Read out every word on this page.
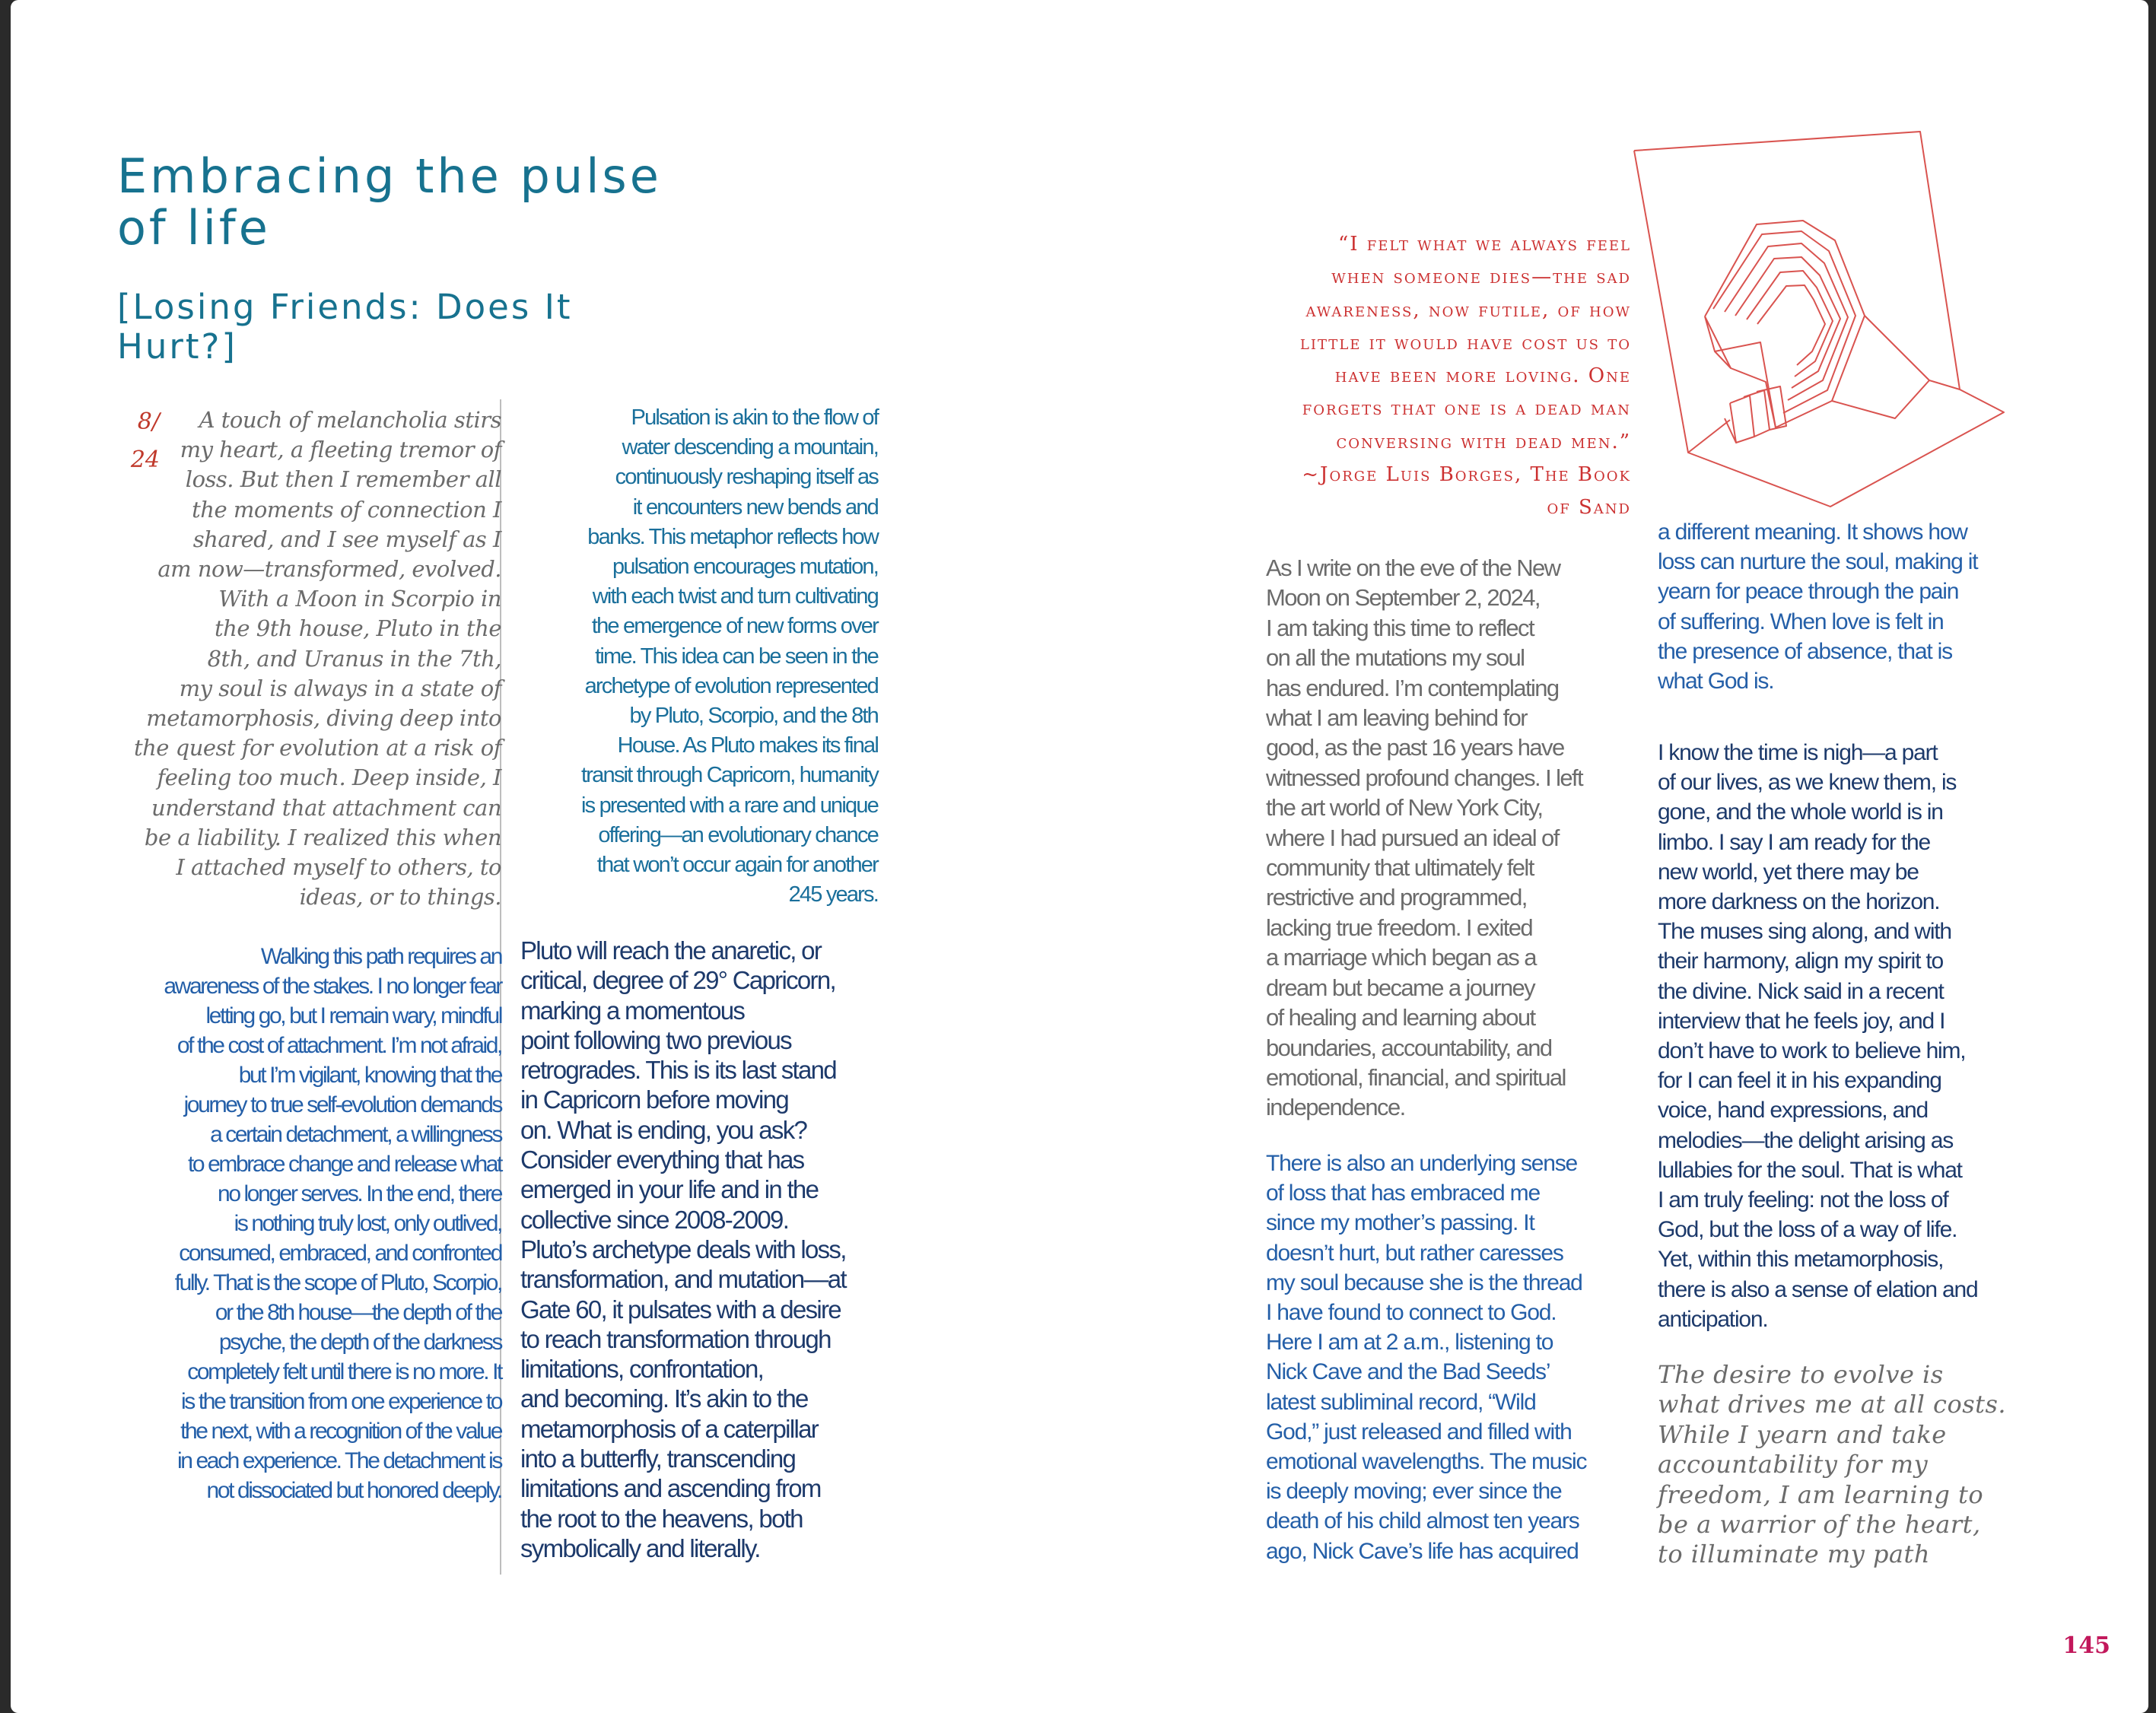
Embracing the pulse
of life
[Losing Friends: Does It
Hurt?]
8/
24
A touch of melancholia stirs
my heart, a fleeting tremor of
loss. But then I remember all
the moments of connection I
shared, and I see myself as I
am now—transformed, evolved.
With a Moon in Scorpio in
the 9th house, Pluto in the
8th, and Uranus in the 7th,
my soul is always in a state of
metamorphosis, diving deep into
the quest for evolution at a risk of
feeling too much. Deep inside, I
understand that attachment can
be a liability. I realized this when
I attached myself to others, to
ideas, or to things.
Pulsation is akin to the flow of
water descending a mountain,
continuously reshaping itself as
it encounters new bends and
banks. This metaphor reflects how
pulsation encourages mutation,
with each twist and turn cultivating
the emergence of new forms over
time. This idea can be seen in the
archetype of evolution represented
by Pluto, Scorpio, and the 8th
House. As Pluto makes its final
transit through Capricorn, humanity
is presented with a rare and unique
offering—an evolutionary chance
that won’t occur again for another
245 years.
Walking this path requires an
awareness of the stakes. I no longer fear
letting go, but I remain wary, mindful
of the cost of attachment. I’m not afraid,
but I’m vigilant, knowing that the
journey to true self-evolution demands
a certain detachment, a willingness
to embrace change and release what
no longer serves. In the end, there
is nothing truly lost, only outlived,
consumed, embraced, and confronted
fully. That is the scope of Pluto, Scorpio,
or the 8th house—the depth of the
psyche, the depth of the darkness
completely felt until there is no more. It
is the transition from one experience to
the next, with a recognition of the value
in each experience. The detachment is
not dissociated but honored deeply.
Pluto will reach the anaretic, or
critical, degree of 29° Capricorn,
marking a momentous
point following two previous
retrogrades. This is its last stand
in Capricorn before moving
on. What is ending, you ask?
Consider everything that has
emerged in your life and in the
collective since 2008-2009.
Pluto’s archetype deals with loss,
transformation, and mutation—at
Gate 60, it pulsates with a desire
to reach transformation through
limitations, confrontation,
and becoming. It’s akin to the
metamorphosis of a caterpillar
into a butterfly, transcending
limitations and ascending from
the root to the heavens, both
symbolically and literally.
“I felt what we always feel
when someone dies—the sad
awareness, now futile, of how
little it would have cost us to
have been more loving. One
forgets that one is a dead man
conversing with dead men.”
~Jorge Luis Borges, The Book
of Sand
As I write on the eve of the New
Moon on September 2, 2024,
I am taking this time to reflect
on all the mutations my soul
has endured. I’m contemplating
what I am leaving behind for
good, as the past 16 years have
witnessed profound changes. I left
the art world of New York City,
where I had pursued an ideal of
community that ultimately felt
restrictive and programmed,
lacking true freedom. I exited
a marriage which began as a
dream but became a journey
of healing and learning about
boundaries, accountability, and
emotional, financial, and spiritual
independence.
There is also an underlying sense
of loss that has embraced me
since my mother’s passing. It
doesn’t hurt, but rather caresses
my soul because she is the thread
I have found to connect to God.
Here I am at 2 a.m., listening to
Nick Cave and the Bad Seeds’
latest subliminal record, “Wild
God,” just released and filled with
emotional wavelengths. The music
is deeply moving; ever since the
death of his child almost ten years
ago, Nick Cave’s life has acquired
a different meaning. It shows how
loss can nurture the soul, making it
yearn for peace through the pain
of suffering. When love is felt in
the presence of absence, that is
what God is.
I know the time is nigh—a part
of our lives, as we knew them, is
gone, and the whole world is in
limbo. I say I am ready for the
new world, yet there may be
more darkness on the horizon.
The muses sing along, and with
their harmony, align my spirit to
the divine. Nick said in a recent
interview that he feels joy, and I
don’t have to work to believe him,
for I can feel it in his expanding
voice, hand expressions, and
melodies—the delight arising as
lullabies for the soul. That is what
I am truly feeling: not the loss of
God, but the loss of a way of life.
Yet, within this metamorphosis,
there is also a sense of elation and
anticipation.
The desire to evolve is
what drives me at all costs.
While I yearn and take
accountability for my
freedom, I am learning to
be a warrior of the heart,
to illuminate my path
145
